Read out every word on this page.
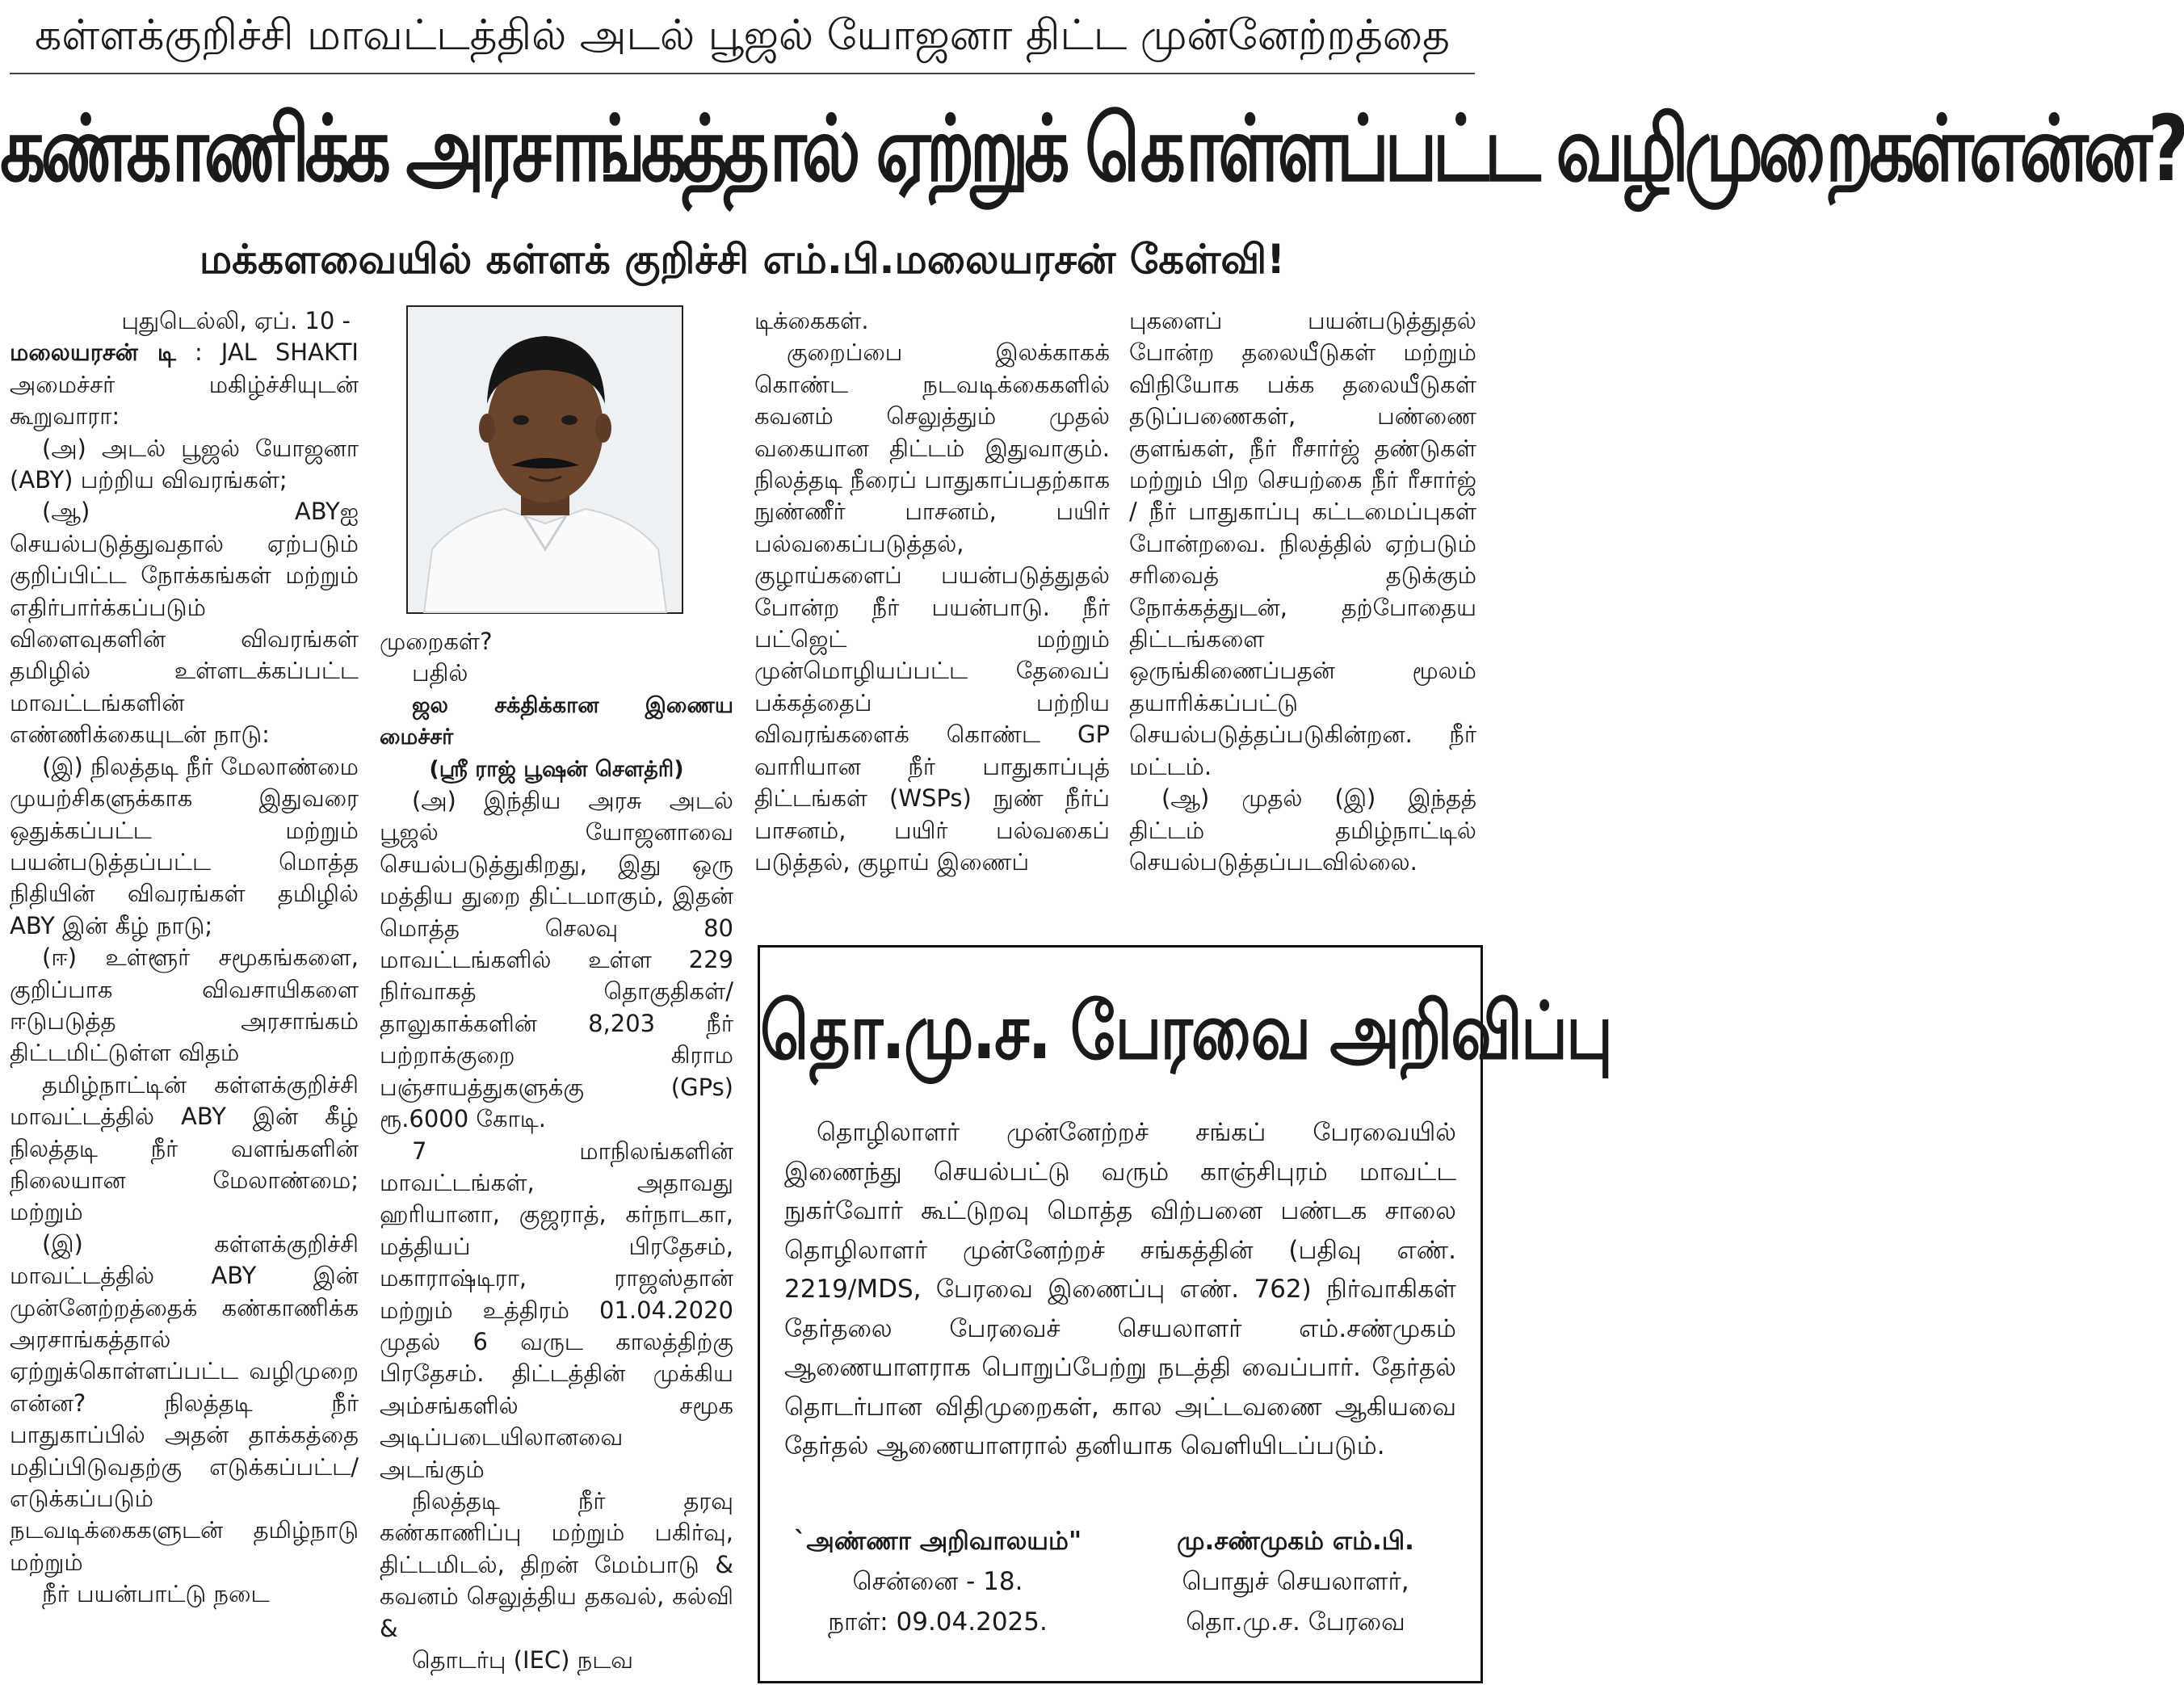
கள்ளக்குறிச்சி மாவட்டத்தில் அடல் பூஜல் யோஜனா திட்ட முன்னேற்றத்தை
கண்காணிக்க அரசாங்கத்தால் ஏற்றுக் கொள்ளப்பட்ட வழிமுறைகள்என்ன?
மக்களவையில் கள்ளக் குறிச்சி எம்.பி.மலையரசன் கேள்வி!

புதுடெல்லி, ஏப். 10 -

மலையரசன் டி : JAL SHAKTI அமைச்சர் மகிழ்ச்சியுடன் கூறுவாரா:

(அ) அடல் பூஜல் யோஜனா (ABY) பற்றிய விவரங்கள்;

(ஆ) ABYஐ செயல்படுத்துவதால் ஏற்படும் குறிப்பிட்ட நோக்கங்கள் மற்றும் எதிர்பார்க்கப்படும் விளைவுகளின் விவரங்கள் தமிழில் உள்ளடக்கப்பட்ட மாவட்டங்களின் எண்ணிக்கையுடன் நாடு:

(இ) நிலத்தடி நீர் மேலாண்மை முயற்சிகளுக்காக இதுவரை ஒதுக்கப்பட்ட மற்றும் பயன்படுத்தப்பட்ட மொத்த நிதியின் விவரங்கள் தமிழில் ABY இன் கீழ் நாடு;

(ஈ) உள்ளூர் சமூகங்களை, குறிப்பாக விவசாயிகளை ஈடுபடுத்த அரசாங்கம் திட்டமிட்டுள்ள விதம்

தமிழ்நாட்டின் கள்ளக்குறிச்சி மாவட்டத்தில் ABY இன் கீழ் நிலத்தடி நீர் வளங்களின் நிலையான மேலாண்மை; மற்றும்

(இ) கள்ளக்குறிச்சி மாவட்டத்தில் ABY இன் முன்னேற்றத்தைக் கண்காணிக்க அரசாங்கத்தால் ஏற்றுக்கொள்ளப்பட்ட வழிமுறை என்ன? நிலத்தடி நீர் பாதுகாப்பில் அதன் தாக்கத்தை மதிப்பிடுவதற்கு எடுக்கப்பட்ட/எடுக்கப்படும் நடவடிக்கைகளுடன் தமிழ்நாடு மற்றும்

நீர் பயன்பாட்டு நடை

முறைகள்?

பதில்

ஜல சக்திக்கான இணைய மைச்சர்

(ஸ்ரீ ராஜ் பூஷன் சௌத்ரி)

(அ) இந்திய அரசு அடல் பூஜல் யோஜனாவை செயல்படுத்துகிறது, இது ஒரு மத்திய துறை திட்டமாகும், இதன் மொத்த செலவு 80 மாவட்டங்களில் உள்ள 229 நிர்வாகத் தொகுதிகள்/ தாலுகாக்களின் 8,203 நீர் பற்றாக்குறை கிராம பஞ்சாயத்துகளுக்கு (GPs) ரூ.6000 கோடி.

7 மாநிலங்களின் மாவட்டங்கள், அதாவது ஹரியானா, குஜராத், கர்நாடகா, மத்தியப் பிரதேசம், மகாராஷ்டிரா, ராஜஸ்தான் மற்றும் உத்திரம் 01.04.2020 முதல் 6 வருட காலத்திற்கு பிரதேசம். திட்டத்தின் முக்கிய அம்சங்களில் சமூக அடிப்படையிலானவை அடங்கும்

நிலத்தடி நீர் தரவு கண்காணிப்பு மற்றும் பகிர்வு, திட்டமிடல், திறன் மேம்பாடு & கவனம் செலுத்திய தகவல், கல்வி &

தொடர்பு (IEC) நடவ

டிக்கைகள்.

குறைப்பை இலக்காகக் கொண்ட நடவடிக்கைகளில் கவனம் செலுத்தும் முதல் வகையான திட்டம் இதுவாகும். நிலத்தடி நீரைப் பாதுகாப்பதற்காக நுண்ணீர் பாசனம், பயிர் பல்வகைப்படுத்தல், குழாய்களைப் பயன்படுத்துதல் போன்ற நீர் பயன்பாடு. நீர் பட்ஜெட் மற்றும் முன்மொழியப்பட்ட தேவைப் பக்கத்தைப் பற்றிய விவரங்களைக் கொண்ட GP வாரியான நீர் பாதுகாப்புத் திட்டங்கள் (WSPs) நுண் நீர்ப் பாசனம், பயிர் பல்வகைப் படுத்தல், குழாய் இணைப்

புகளைப் பயன்படுத்துதல் போன்ற தலையீடுகள் மற்றும் விநியோக பக்க தலையீடுகள் தடுப்பணைகள், பண்ணை குளங்கள், நீர் ரீசார்ஜ் தண்டுகள் மற்றும் பிற செயற்கை நீர் ரீசார்ஜ் / நீர் பாதுகாப்பு கட்டமைப்புகள் போன்றவை. நிலத்தில் ஏற்படும் சரிவைத் தடுக்கும் நோக்கத்துடன், தற்போதைய திட்டங்களை ஒருங்கிணைப்பதன் மூலம் தயாரிக்கப்பட்டு செயல்படுத்தப்படுகின்றன. நீர் மட்டம்.

(ஆ) முதல் (இ) இந்தத் திட்டம் தமிழ்நாட்டில் செயல்படுத்தப்படவில்லை.

தொ.மு.ச. பேரவை அறிவிப்பு

தொழிலாளர் முன்னேற்றச் சங்கப் பேரவையில் இணைந்து செயல்பட்டு வரும் காஞ்சிபுரம் மாவட்ட நுகர்வோர் கூட்டுறவு மொத்த விற்பனை பண்டக சாலை தொழிலாளர் முன்னேற்றச் சங்கத்தின் (பதிவு எண். 2219/MDS, பேரவை இணைப்பு எண். 762) நிர்வாகிகள் தேர்தலை பேரவைச் செயலாளர் எம்.சண்முகம் ஆணையாளராக பொறுப்பேற்று நடத்தி வைப்பார். தேர்தல் தொடர்பான விதிமுறைகள், கால அட்டவணை ஆகியவை தேர்தல் ஆணையாளரால் தனியாக வெளியிடப்படும்.

`அண்ணா அறிவாலயம்"
சென்னை - 18.
நாள்: 09.04.2025.
மு.சண்முகம் எம்.பி.
பொதுச் செயலாளர்,
தொ.மு.ச. பேரவை
